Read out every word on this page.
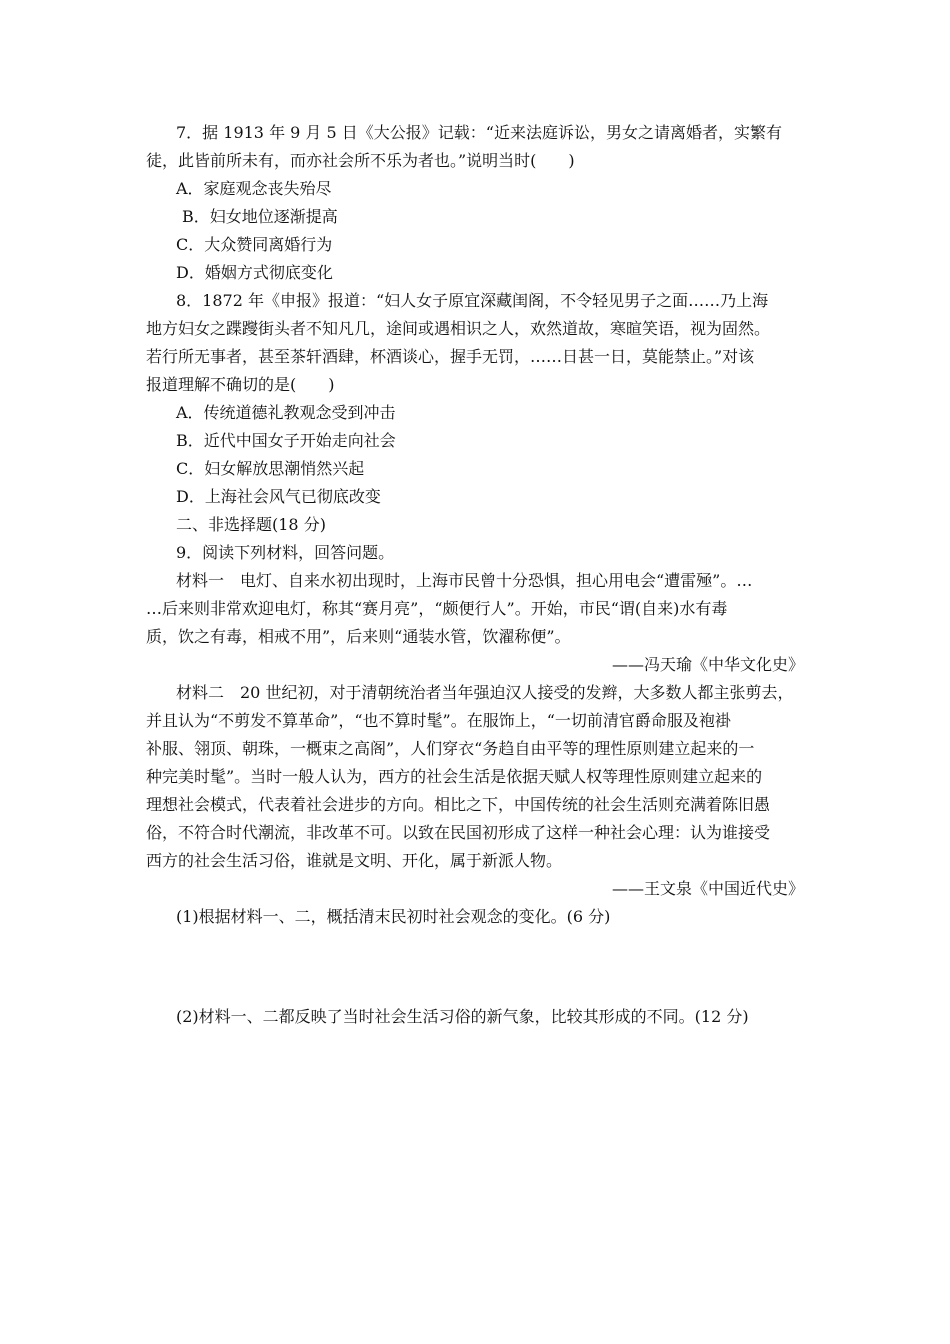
7．据 1913 年 9 月 5 日《大公报》记载：“近来法庭诉讼，男女之请离婚者，实繁有
徒，此皆前所未有，而亦社会所不乐为者也。”说明当时(　　)
A．家庭观念丧失殆尽
B．妇女地位逐渐提高
C．大众赞同离婚行为
D．婚姻方式彻底变化
8．1872 年《申报》报道：“妇人女子原宜深藏闺阁，不令轻见男子之面……乃上海
地方妇女之蹀躞街头者不知凡几，途间或遇相识之人，欢然道故，寒暄笑语，视为固然。
若行所无事者，甚至茶轩酒肆，杯酒谈心，握手无罚，……日甚一日，莫能禁止。”对该
报道理解不确切的是(　　)
A．传统道德礼教观念受到冲击
B．近代中国女子开始走向社会
C．妇女解放思潮悄然兴起
D．上海社会风气已彻底改变
二、非选择题(18 分)
9．阅读下列材料，回答问题。
材料一　电灯、自来水初出现时，上海市民曾十分恐惧，担心用电会“遭雷殛”。…
…后来则非常欢迎电灯，称其“赛月亮”，“颇便行人”。开始，市民“谓(自来)水有毒
质，饮之有毒，相戒不用”，后来则“通装水管，饮濯称便”。
——冯天瑜《中华文化史》
材料二　20 世纪初，对于清朝统治者当年强迫汉人接受的发辫，大多数人都主张剪去，
并且认为“不剪发不算革命”，“也不算时髦”。在服饰上，“一切前清官爵命服及袍褂
补服、翎顶、朝珠，一概束之高阁”，人们穿衣“务趋自由平等的理性原则建立起来的一
种完美时髦”。当时一般人认为，西方的社会生活是依据天赋人权等理性原则建立起来的
理想社会模式，代表着社会进步的方向。相比之下，中国传统的社会生活则充满着陈旧愚
俗，不符合时代潮流，非改革不可。以致在民国初形成了这样一种社会心理：认为谁接受
西方的社会生活习俗，谁就是文明、开化，属于新派人物。
——王文泉《中国近代史》
(1)根据材料一、二，概括清末民初时社会观念的变化。(6 分)
(2)材料一、二都反映了当时社会生活习俗的新气象，比较其形成的不同。(12 分)
